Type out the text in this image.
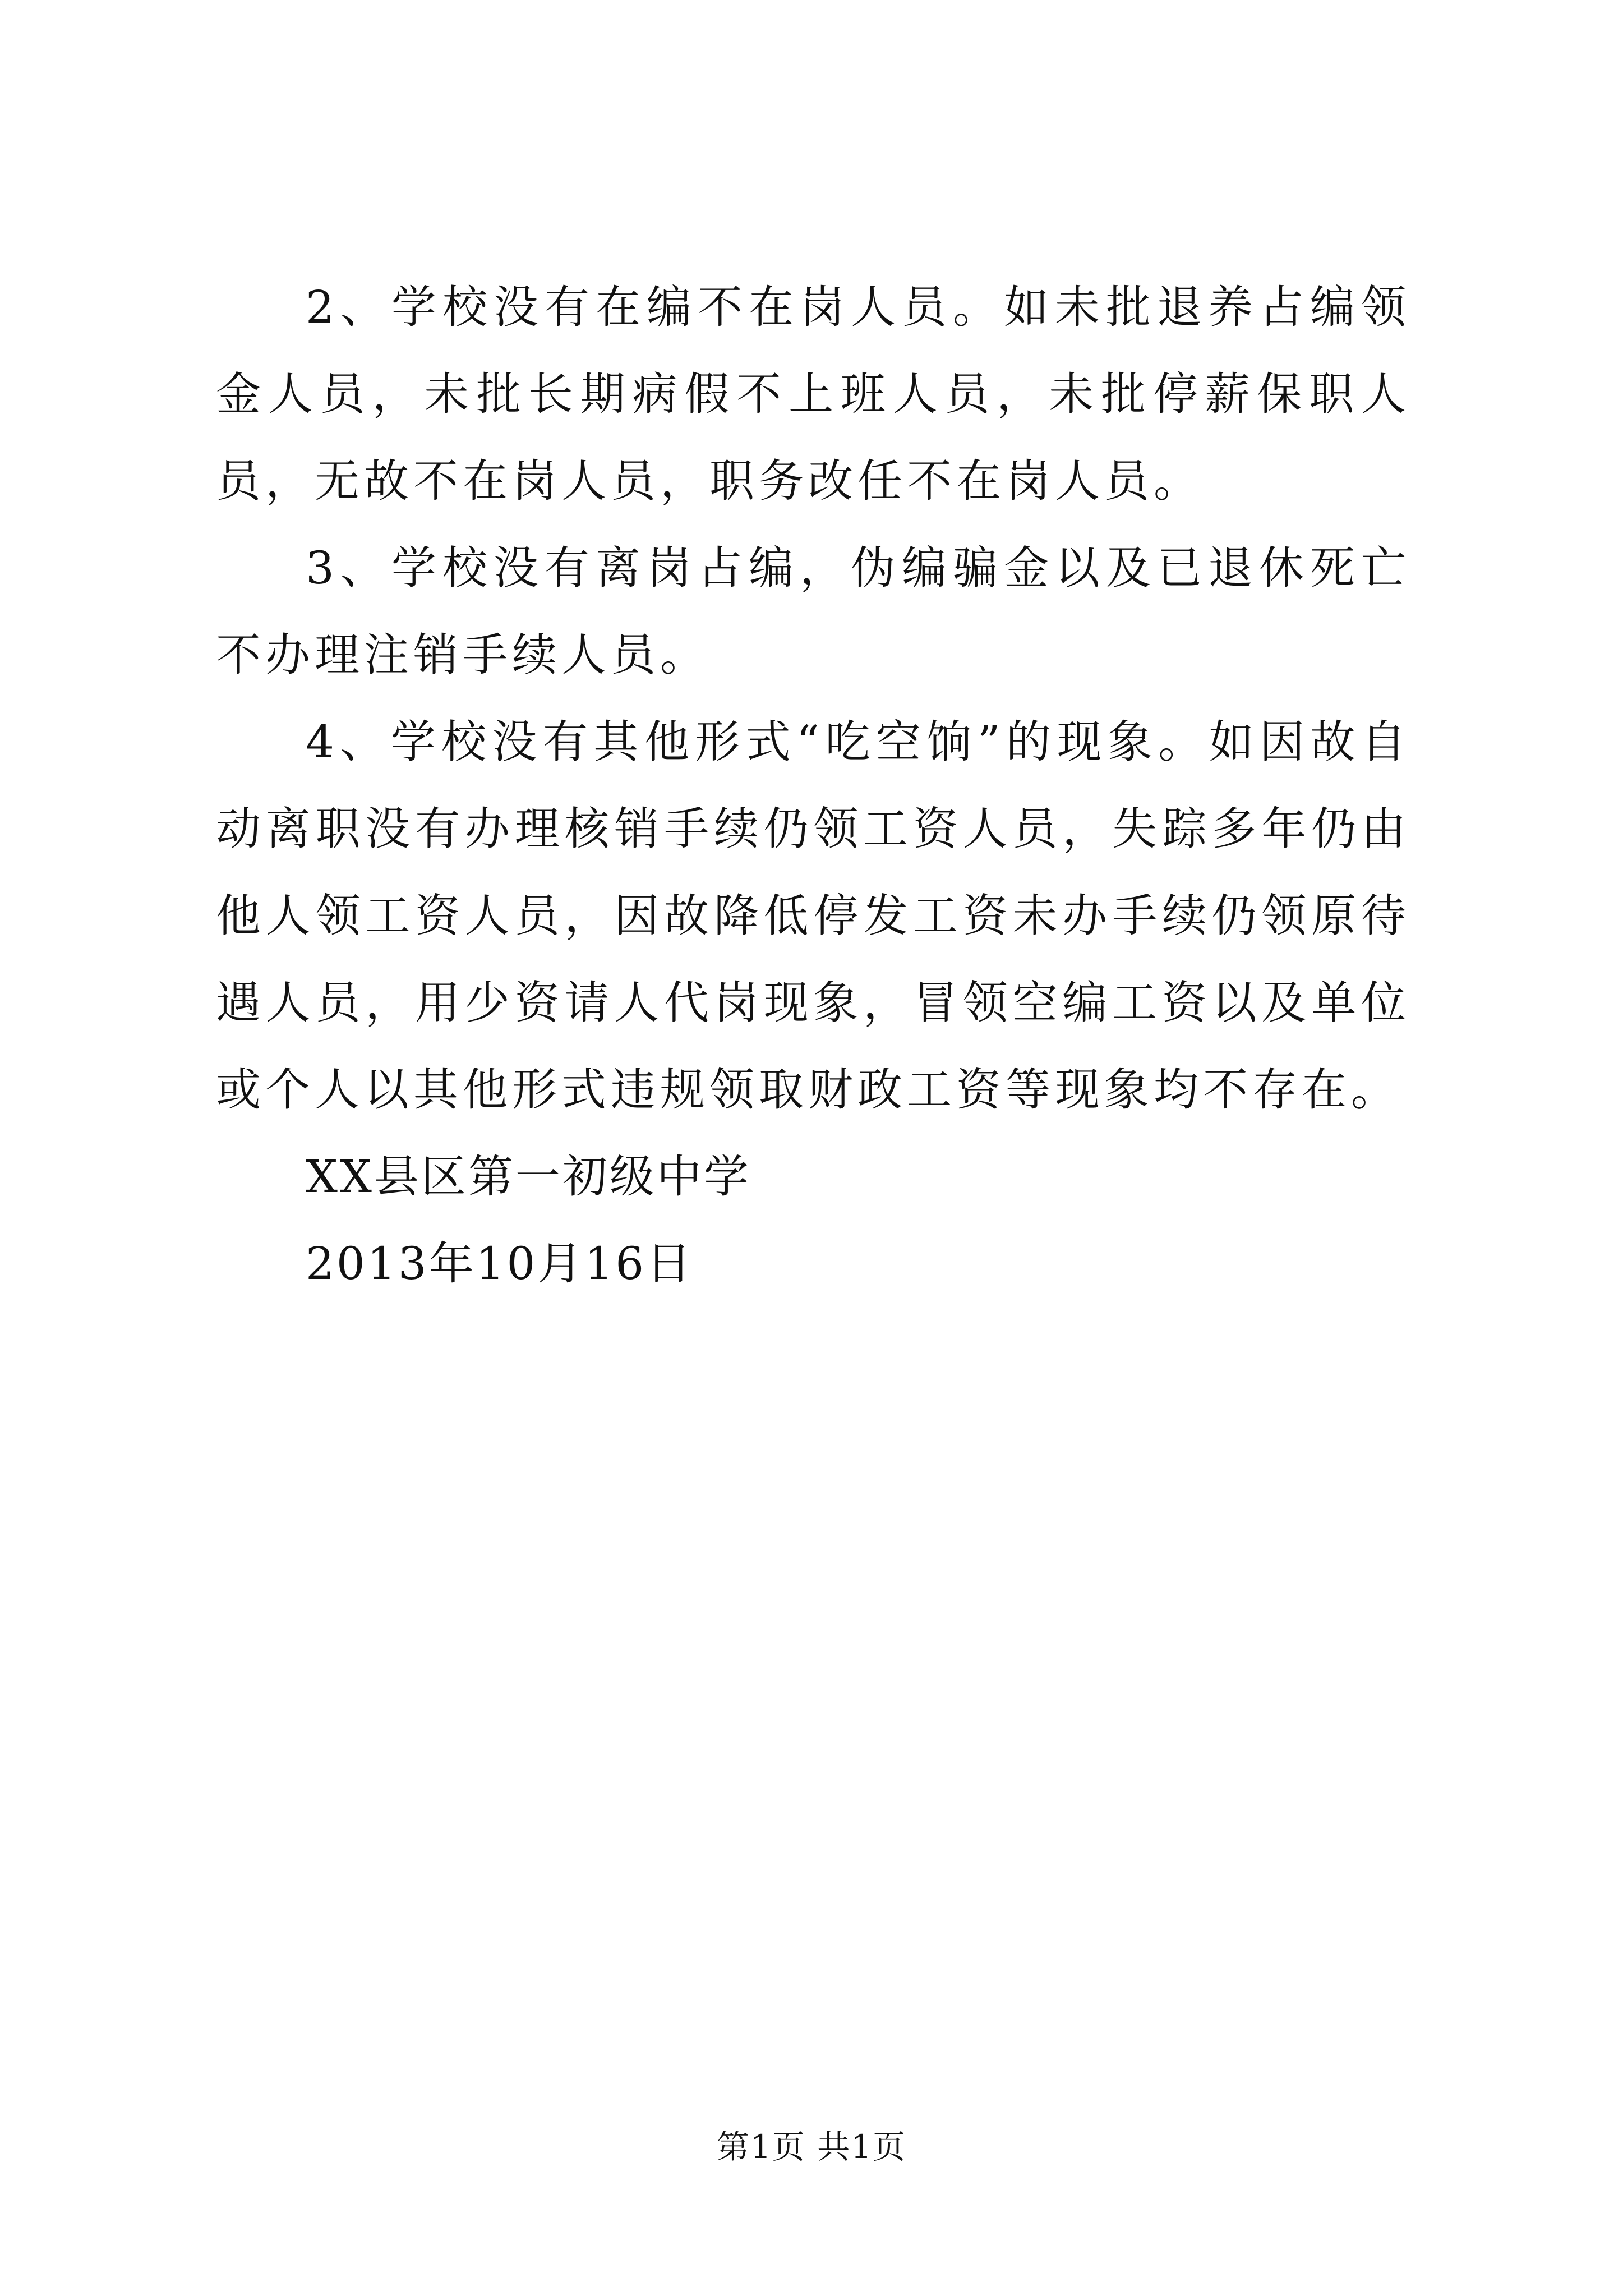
2、学校没有在编不在岗人员。如未批退养占编领金人员，未批长期病假不上班人员，未批停薪保职人员，无故不在岗人员，职务改任不在岗人员。

3、学校没有离岗占编，伪编骗金以及已退休死亡不办理注销手续人员。

4、学校没有其他形式“吃空饷”的现象。如因故自动离职没有办理核销手续仍领工资人员，失踪多年仍由他人领工资人员，因故降低停发工资未办手续仍领原待遇人员，用少资请人代岗现象，冒领空编工资以及单位或个人以其他形式违规领取财政工资等现象均不存在。

XX县区第一初级中学

2013年10月16日

第1页 共1页
